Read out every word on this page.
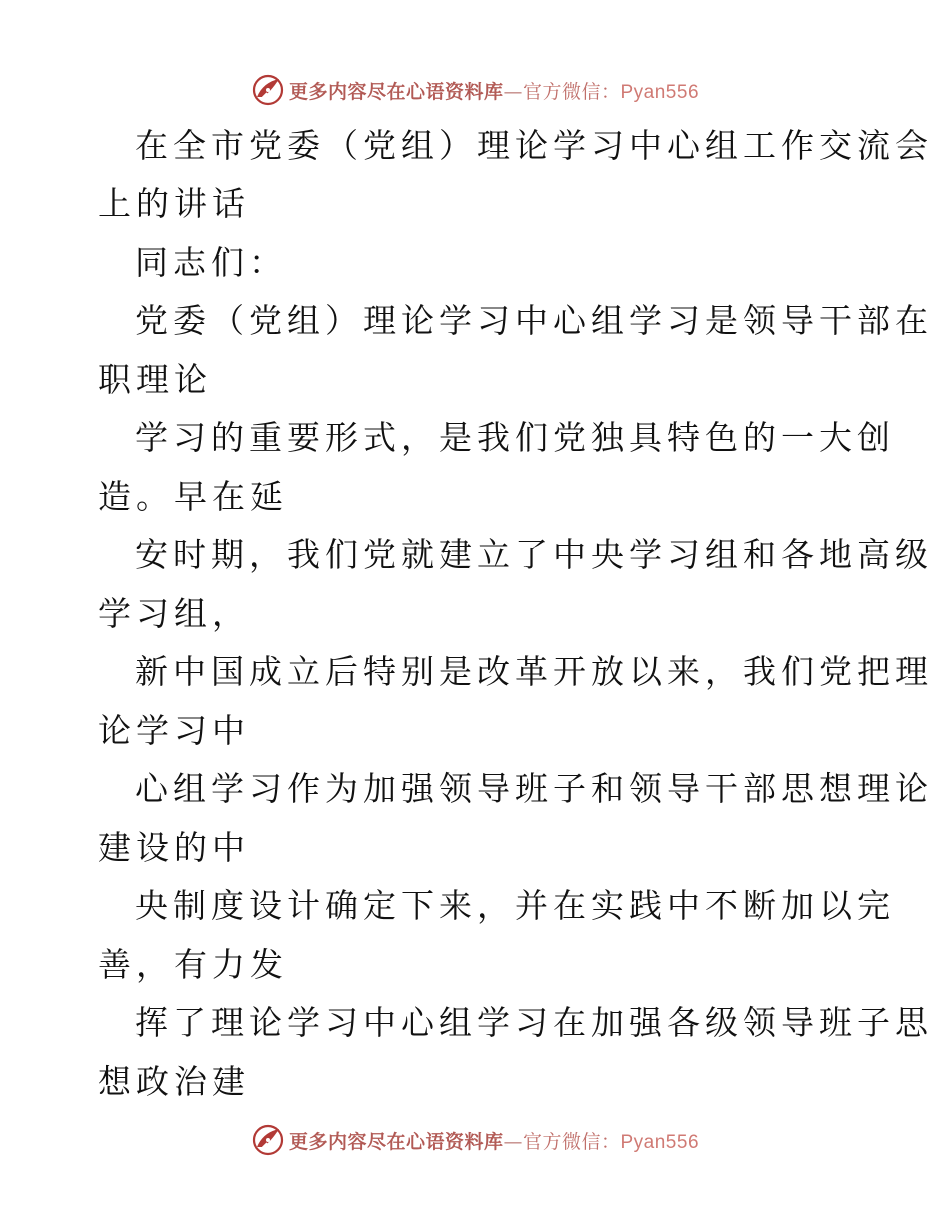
更多内容尽在心语资料库—官方微信：Pyan556
在全市党委（党组）理论学习中心组工作交流会
上的讲话
同志们：
党委（党组）理论学习中心组学习是领导干部在
职理论
学习的重要形式，是我们党独具特色的一大创
造。早在延
安时期，我们党就建立了中央学习组和各地高级
学习组，
新中国成立后特别是改革开放以来，我们党把理
论学习中
心组学习作为加强领导班子和领导干部思想理论
建设的中
央制度设计确定下来，并在实践中不断加以完
善，有力发
挥了理论学习中心组学习在加强各级领导班子思
想政治建
更多内容尽在心语资料库—官方微信：Pyan556
